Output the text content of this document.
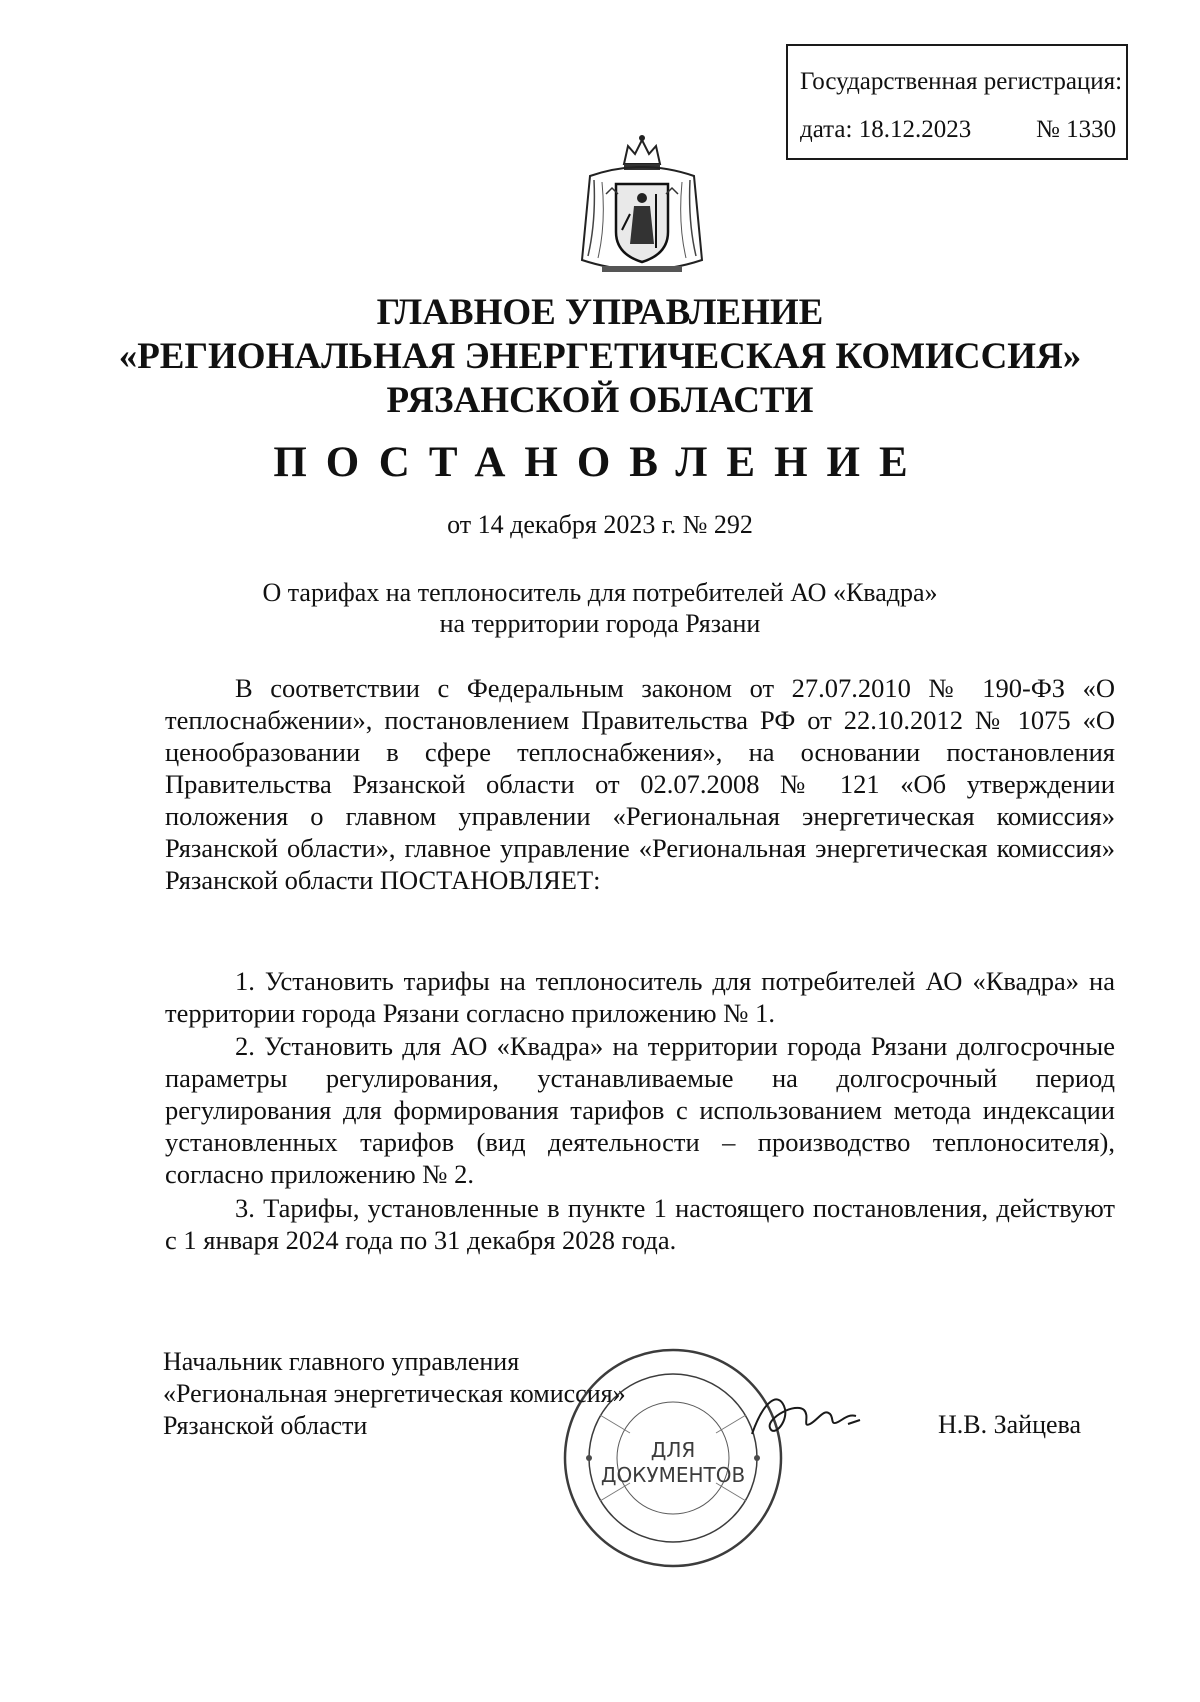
Государственная регистрация:
дата: 18.12.2023	№ 1330
ГЛАВНОЕ УПРАВЛЕНИЕ
«РЕГИОНАЛЬНАЯ ЭНЕРГЕТИЧЕСКАЯ КОМИССИЯ»
РЯЗАНСКОЙ ОБЛАСТИ
ПОСТАНОВЛЕНИЕ
от 14 декабря 2023 г. № 292
О тарифах на теплоноситель для потребителей АО «Квадра»
на территории города Рязани
В соответствии с Федеральным законом от 27.07.2010 № 190-ФЗ «О теплоснабжении», постановлением Правительства РФ от 22.10.2012 № 1075 «О ценообразовании в сфере теплоснабжения», на основании постановления Правительства Рязанской области от 02.07.2008 № 121 «Об утверждении положения о главном управлении «Региональная энергетическая комиссия» Рязанской области», главное управление «Региональная энергетическая комиссия» Рязанской области ПОСТАНОВЛЯЕТ:
1. Установить тарифы на теплоноситель для потребителей АО «Квадра» на территории города Рязани согласно приложению № 1.
2. Установить для АО «Квадра» на территории города Рязани долгосрочные параметры регулирования, устанавливаемые на долгосрочный период регулирования для формирования тарифов с использованием метода индексации установленных тарифов (вид деятельности – производство теплоносителя), согласно приложению № 2.
3. Тарифы, установленные в пункте 1 настоящего постановления, действуют с 1 января 2024 года по 31 декабря 2028 года.
Начальник главного управления
«Региональная энергетическая комиссия»
Рязанской области
ДЛЯ
ДОКУМЕНТОВ
Н.В. Зайцева
